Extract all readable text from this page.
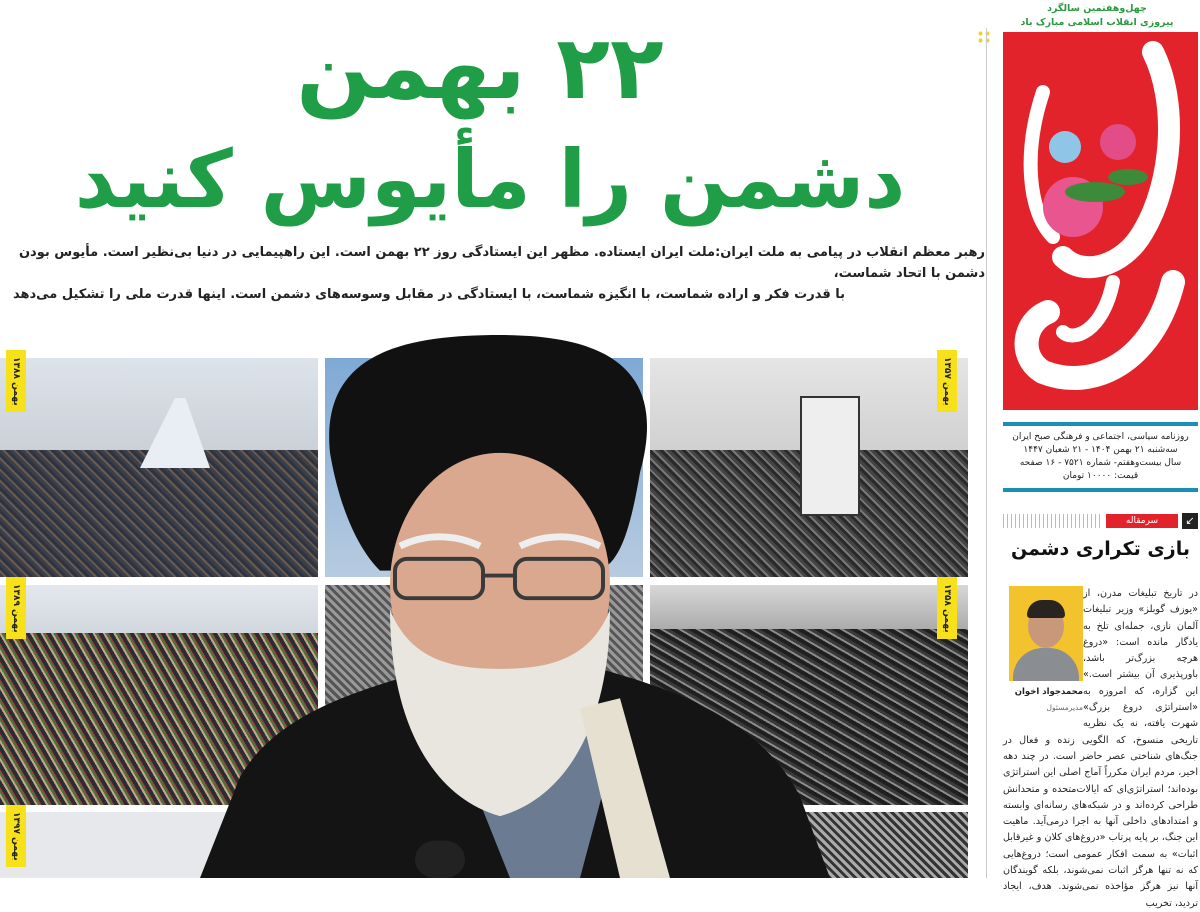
چهل‌وهفتمین سالگرد
پیروزی انقلاب اسلامی مبارک باد
روزنامه سیاسی، اجتماعی و فرهنگی صبح ایران
سه‌شنبه ۲۱ بهمن ۱۴۰۴ - ۲۱ شعبان ۱۴۴۷
سال بیست‌وهفتم- شماره ۷۵۲۱ - ۱۶ صفحه
قیمت: ۱۰۰۰۰ تومان
↙
سرمقاله
بازی تکراری دشمن
محمدجواد اخوان
مدیرمسئول
در تاریخ تبلیغات مدرن، از «یوزف گوبلز» وزیر تبلیغات آلمان نازی، جمله‌ای تلخ به یادگار مانده است: «دروغ هرچه بزرگ‌تر باشد، باورپذیری آن بیشتر است.» این گزاره، که امروزه به «استراتژی دروغ بزرگ» شهرت یافته، نه یک نظریه تاریخی منسوخ، که الگویی زنده و فعال در جنگ‌های شناختی عصر حاضر است. در چند دهه اخیر، مردم ایران مکرراً آماج اصلی این استراتژی بوده‌اند؛ استراتژی‌ای که ایالات‌متحده و متحدانش طراحی کرده‌اند و در شبکه‌های رسانه‌ای وابسته و امتدادهای داخلی آنها به اجرا درمی‌آید. ماهیت این جنگ، بر پایه پرتاب «دروغ‌های کلان و غیرقابل اثبات» به سمت افکار عمومی است؛ دروغ‌هایی که نه تنها هرگز اثبات نمی‌شوند، بلکه گویندگان آنها نیز هرگز مؤاخذه نمی‌شوند. هدف، ایجاد تردید، تخریب
۲۲ بهمن
دشمن را مأیوس کنید
رهبر معظم انقلاب در پیامی به ملت ایران:ملت ایران ایستاده. مظهر این ایستادگی روز ۲۲ بهمن است. این راهپیمایی در دنیا بی‌نظیر است. مأیوس بودن دشمن با اتحاد شماست،
با قدرت فکر و اراده شماست، با انگیزه شماست، با ایستادگی در مقابل وسوسه‌های دشمن است. اینها قدرت ملی را تشکیل می‌دهد
بهمن ۱۳۸۸
بهمن ۱۳۸۹
بهمن ۱۳۹۷
بهمن ۱۳۵۷
بهمن ۱۳۵۸
